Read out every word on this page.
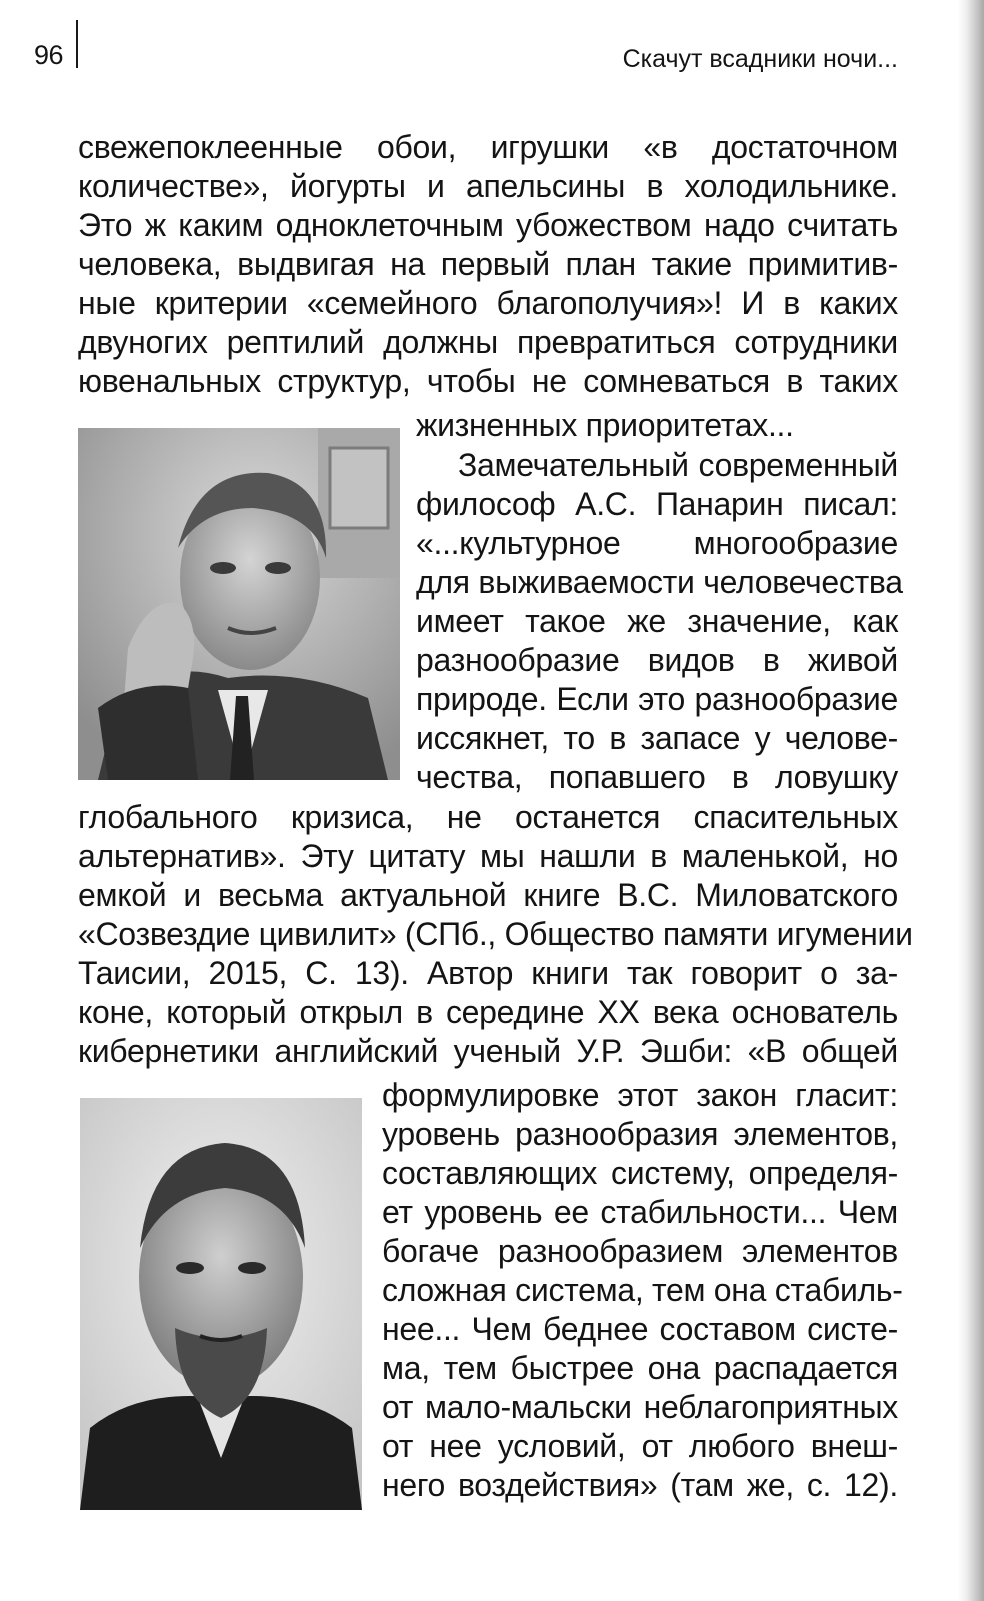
96	Скачут всадники ночи...
свежепоклеенные обои, игрушки «в достаточном
количестве», йогурты и апельсины в холодильнике.
Это ж каким одноклеточным убожеством надо считать
человека, выдвигая на первый план такие примитив-
ные критерии «семейного благополучия»! И в каких
двуногих рептилий должны превратиться сотрудники
ювенальных структур, чтобы не сомневаться в таких
жизненных приоритетах...
Замечательный современный
философ А.С. Панарин писал:
«...культурное многообразие
для выживаемости человечества
имеет такое же значение, как
разнообразие видов в живой
природе. Если это разнообразие
иссякнет, то в запасе у челове-
чества, попавшего в ловушку
глобального кризиса, не останется спасительных
альтернатив». Эту цитату мы нашли в маленькой, но
емкой и весьма актуальной книге В.С. Миловатского
«Созвездие цивилит» (СПб., Общество памяти игумении
Таисии, 2015, С. 13). Автор книги так говорит о за-
коне, который открыл в середине XX века основатель
кибернетики английский ученый У.Р. Эшби: «В общей
формулировке этот закон гласит:
уровень разнообразия элементов,
составляющих систему, определя-
ет уровень ее стабильности... Чем
богаче разнообразием элементов
сложная система, тем она стабиль-
нее... Чем беднее составом систе-
ма, тем быстрее она распадается
от мало-мальски неблагоприятных
от нее условий, от любого внеш-
него воздействия» (там же, с. 12).
